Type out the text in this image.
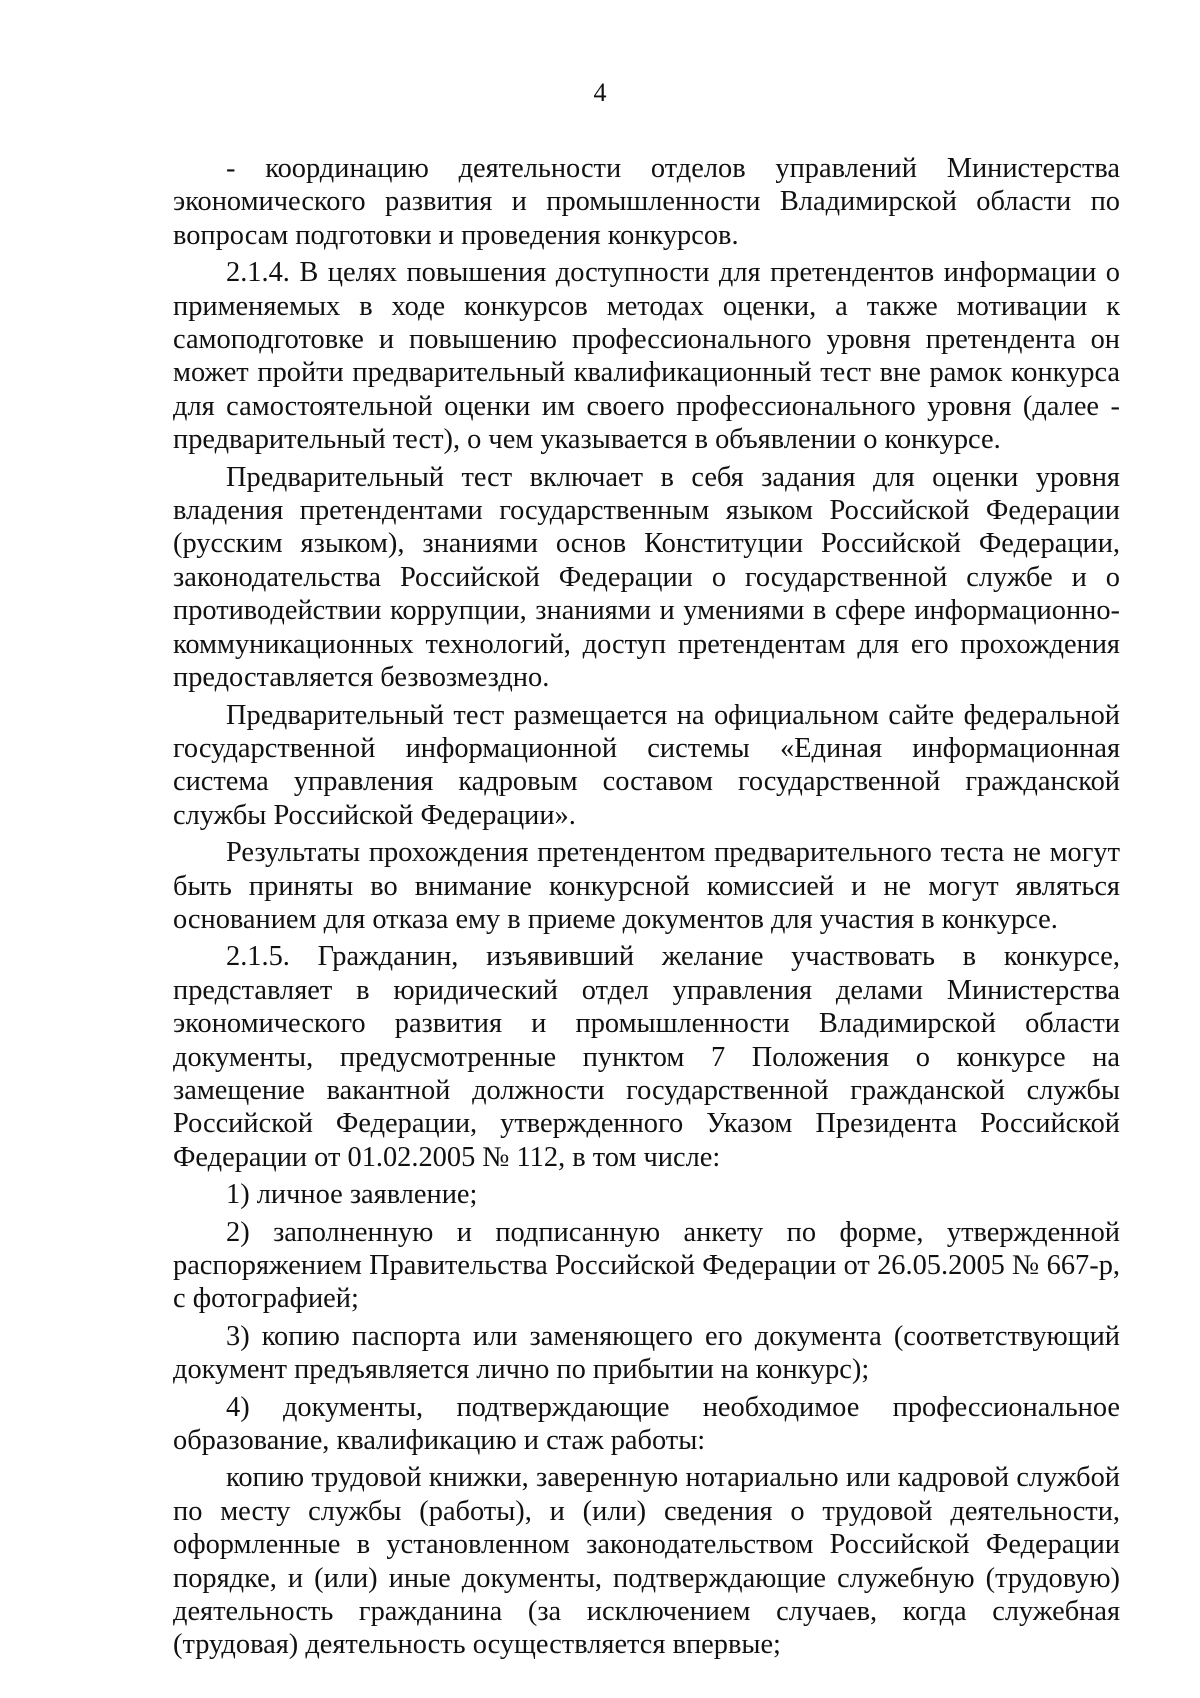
4

- координацию деятельности отделов управлений Министерства экономического развития и промышленности Владимирской области по вопросам подготовки и проведения конкурсов.

2.1.4. В целях повышения доступности для претендентов информации о применяемых в ходе конкурсов методах оценки, а также мотивации к самоподготовке и повышению профессионального уровня претендента он может пройти предварительный квалификационный тест вне рамок конкурса для самостоятельной оценки им своего профессионального уровня (далее - предварительный тест), о чем указывается в объявлении о конкурсе.

Предварительный тест включает в себя задания для оценки уровня владения претендентами государственным языком Российской Федерации (русским языком), знаниями основ Конституции Российской Федерации, законодательства Российской Федерации о государственной службе и о противодействии коррупции, знаниями и умениями в сфере информационно-коммуникационных технологий, доступ претендентам для его прохождения предоставляется безвозмездно.

Предварительный тест размещается на официальном сайте федеральной государственной информационной системы «Единая информационная система управления кадровым составом государственной гражданской службы Российской Федерации».

Результаты прохождения претендентом предварительного теста не могут быть приняты во внимание конкурсной комиссией и не могут являться основанием для отказа ему в приеме документов для участия в конкурсе.

2.1.5. Гражданин, изъявивший желание участвовать в конкурсе, представляет в юридический отдел управления делами Министерства экономического развития и промышленности Владимирской области документы, предусмотренные пунктом 7 Положения о конкурсе на замещение вакантной должности государственной гражданской службы Российской Федерации, утвержденного Указом Президента Российской Федерации от 01.02.2005 № 112, в том числе:

1) личное заявление;

2) заполненную и подписанную анкету по форме, утвержденной распоряжением Правительства Российской Федерации от 26.05.2005 № 667-р, с фотографией;

3) копию паспорта или заменяющего его документа (соответствующий документ предъявляется лично по прибытии на конкурс);

4) документы, подтверждающие необходимое профессиональное образование, квалификацию и стаж работы:

копию трудовой книжки, заверенную нотариально или кадровой службой по месту службы (работы), и (или) сведения о трудовой деятельности, оформленные в установленном законодательством Российской Федерации порядке, и (или) иные документы, подтверждающие служебную (трудовую) деятельность гражданина (за исключением случаев, когда служебная (трудовая) деятельность осуществляется впервые;
